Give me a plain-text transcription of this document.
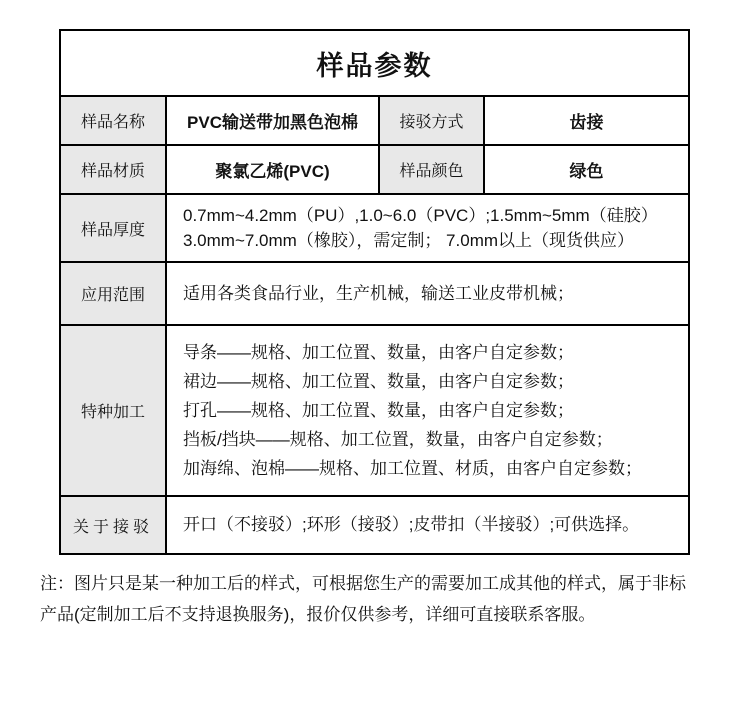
样品参数			
样品名称	PVC输送带加黑色泡棉	接驳方式	齿接
样品材质	聚氯乙烯(PVC)	样品颜色	绿色
样品厚度	0.7mm~4.2mm（PU）,1.0~6.0（PVC）;1.5mm~5mm（硅胶）
3.0mm~7.0mm（橡胶），需定制； 7.0mm以上（现货供应）		

应用范围	适用各类食品行业，生产机械，输送工业皮带机械；		

特种加工	导条——规格、加工位置、数量，由客户自定参数；
裙边——规格、加工位置、数量，由客户自定参数；
打孔——规格、加工位置、数量，由客户自定参数；
挡板/挡块——规格、加工位置，数量，由客户自定参数；
加海绵、泡棉——规格、加工位置、材质，由客户自定参数；		

关于接驳	开口（不接驳）;环形（接驳）;皮带扣（半接驳）;可供选择。		
注：图片只是某一种加工后的样式，可根据您生产的需要加工成其他的样式，属于非标
产品(定制加工后不支持退换服务)，报价仅供参考，详细可直接联系客服。
